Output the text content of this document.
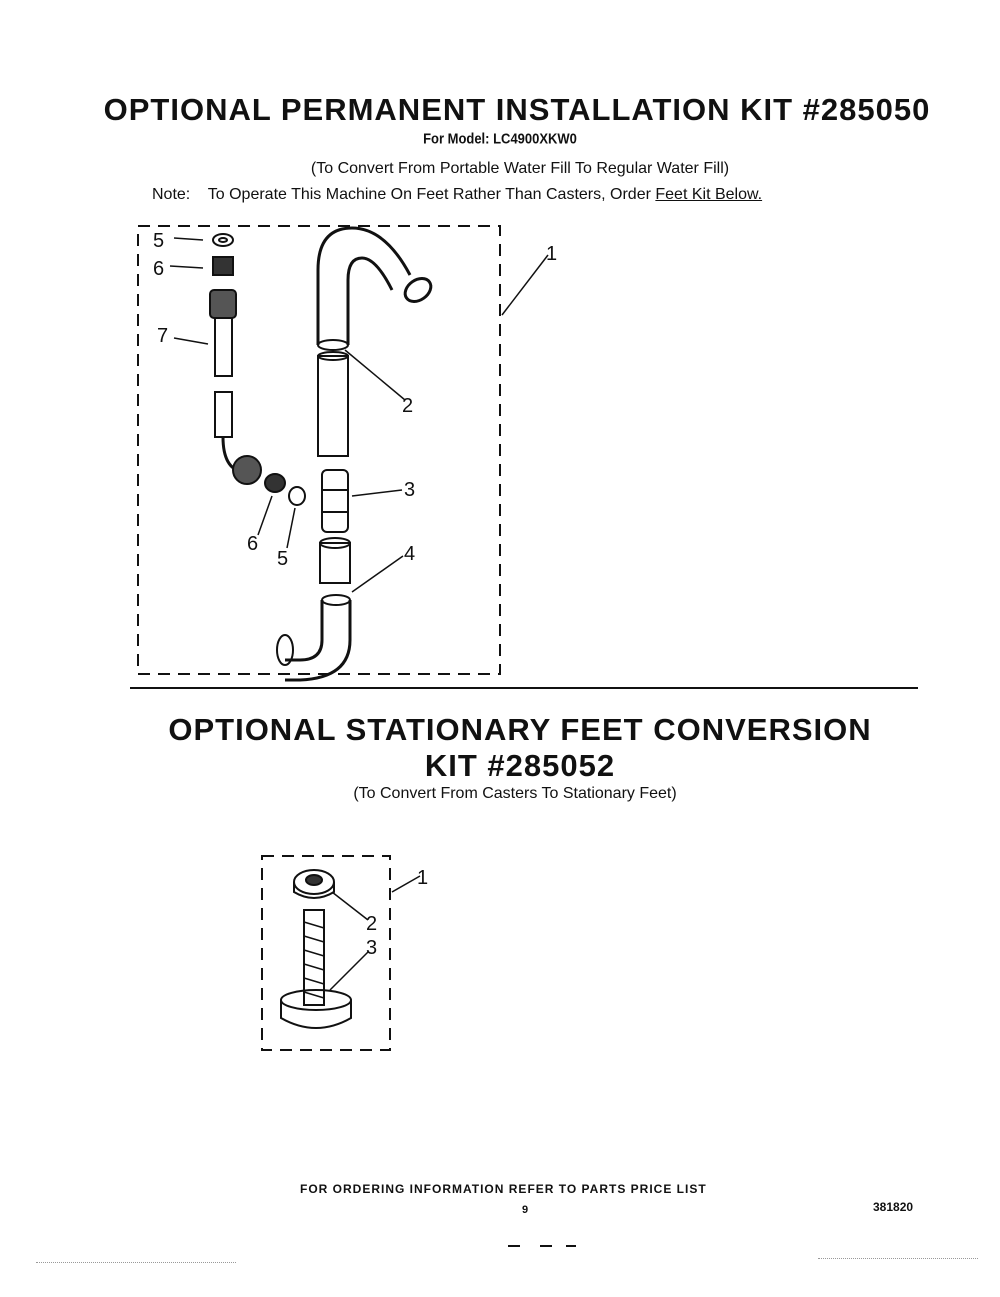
OPTIONAL PERMANENT INSTALLATION KIT #285050
For Model: LC4900XKW0
(To Convert From Portable Water Fill To Regular Water Fill)
Note: To Operate This Machine On Feet Rather Than Casters, Order Feet Kit Below.
5
6
7
1
2
3
4
6
5
1
2
3
OPTIONAL STATIONARY FEET CONVERSION
KIT #285052
(To Convert From Casters To Stationary Feet)
FOR ORDERING INFORMATION REFER TO PARTS PRICE LIST
9	381820
